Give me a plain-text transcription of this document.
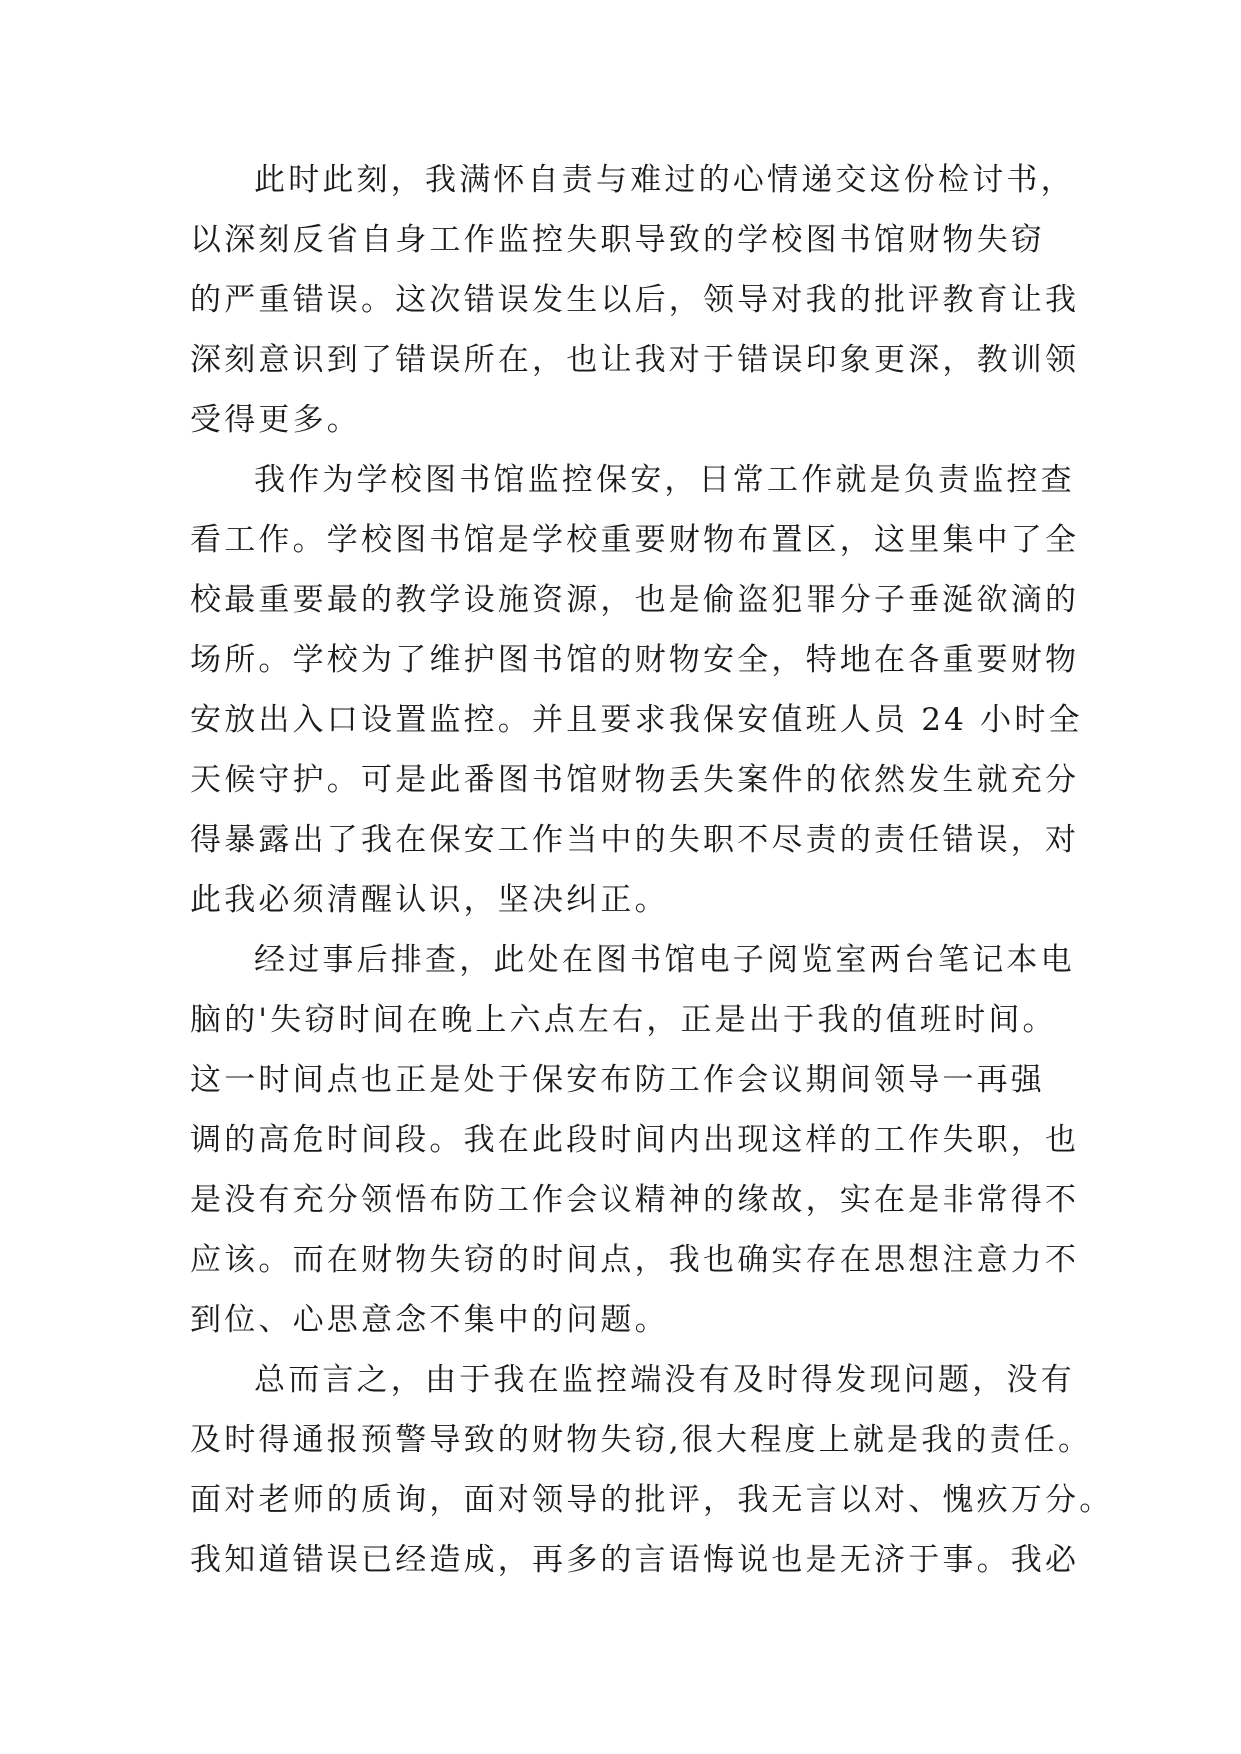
此时此刻，我满怀自责与难过的心情递交这份检讨书，
以深刻反省自身工作监控失职导致的学校图书馆财物失窃
的严重错误。这次错误发生以后，领导对我的批评教育让我
深刻意识到了错误所在，也让我对于错误印象更深，教训领
受得更多。

我作为学校图书馆监控保安，日常工作就是负责监控查
看工作。学校图书馆是学校重要财物布置区，这里集中了全
校最重要最的教学设施资源，也是偷盗犯罪分子垂涎欲滴的
场所。学校为了维护图书馆的财物安全，特地在各重要财物
安放出入口设置监控。并且要求我保安值班人员 24 小时全
天候守护。可是此番图书馆财物丢失案件的依然发生就充分
得暴露出了我在保安工作当中的失职不尽责的责任错误，对
此我必须清醒认识，坚决纠正。

经过事后排查，此处在图书馆电子阅览室两台笔记本电
脑的'失窃时间在晚上六点左右，正是出于我的值班时间。
这一时间点也正是处于保安布防工作会议期间领导一再强
调的高危时间段。我在此段时间内出现这样的工作失职，也
是没有充分领悟布防工作会议精神的缘故，实在是非常得不
应该。而在财物失窃的时间点，我也确实存在思想注意力不
到位、心思意念不集中的问题。

总而言之，由于我在监控端没有及时得发现问题，没有
及时得通报预警导致的财物失窃,很大程度上就是我的责任。
面对老师的质询，面对领导的批评，我无言以对、愧疚万分。
我知道错误已经造成，再多的言语悔说也是无济于事。我必
